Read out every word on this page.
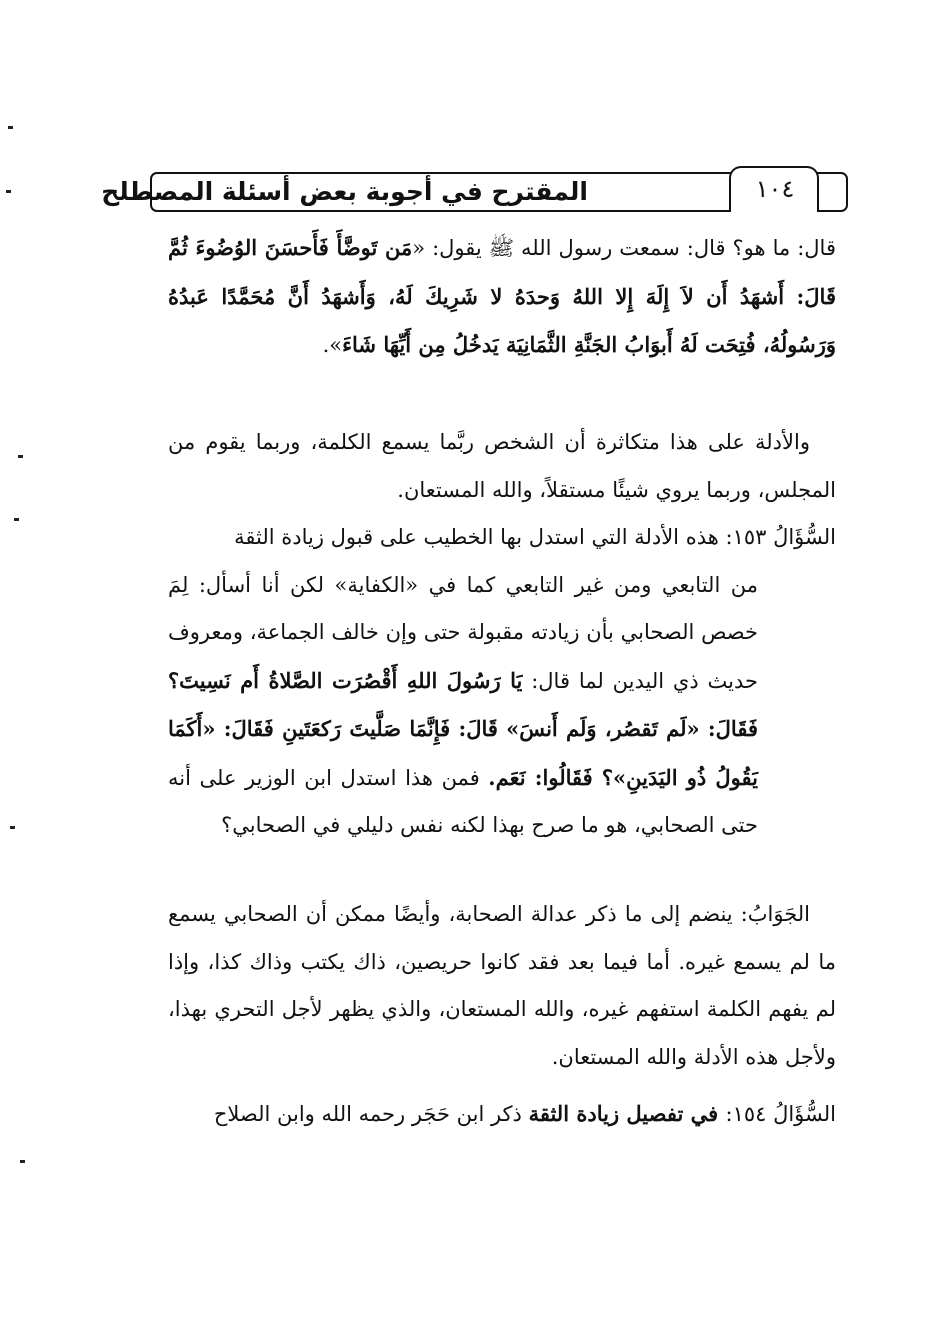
المقترح في أجوبة بعض أسئلة المصطلح	١٠٤

قال: ما هو؟ قال: سمعت رسول الله ﷺ يقول: «مَن تَوضَّأَ فَأَحسَنَ الوُضُوءَ ثُمَّ قَالَ: أَشهَدُ أَن لاَ إِلَهَ إِلا اللهُ وَحدَهُ لا شَرِيكَ لَهُ، وَأَشهَدُ أَنَّ مُحَمَّدًا عَبدُهُ وَرَسُولُهُ، فُتِحَت لَهُ أَبوَابُ الجَنَّةِ الثَّمَانِيَة يَدخُلُ مِن أَيِّهَا شَاءَ».

والأدلة على هذا متكاثرة أن الشخص ربَّما يسمع الكلمة، وربما يقوم من المجلس، وربما يروي شيئًا مستقلاً، والله المستعان.

السُّؤَالُ ١٥٣: هذه الأدلة التي استدل بها الخطيب على قبول زيادة الثقة

من التابعي ومن غير التابعي كما في «الكفاية» لكن أنا أسأل: لِمَ خصص الصحابي بأن زيادته مقبولة حتى وإن خالف الجماعة، ومعروف حديث ذي اليدين لما قال: يَا رَسُولَ اللهِ أَقْصُرَت الصَّلاةُ أَم نَسِيتَ؟ فَقَالَ: «لَم تَقصُر، وَلَم أَنسَ» قَالَ: فَإِنَّمَا صَلَّيتَ رَكعَتَينِ فَقَالَ: «أَكَمَا يَقُولُ ذُو اليَدَينِ»؟ فَقَالُوا: نَعَم. فمن هذا استدل ابن الوزير على أنه حتى الصحابي، هو ما صرح بهذا لكنه نفس دليلي في الصحابي؟

الجَوَابُ: ينضم إلى ما ذكر عدالة الصحابة، وأيضًا ممكن أن الصحابي يسمع ما لم يسمع غيره. أما فيما بعد فقد كانوا حريصين، ذاك يكتب وذاك كذا، وإذا لم يفهم الكلمة استفهم غيره، والله المستعان، والذي يظهر لأجل التحري بهذا، ولأجل هذه الأدلة والله المستعان.

السُّؤَالُ ١٥٤: في تفصيل زيادة الثقة ذكر ابن حَجَر رحمه الله وابن الصلاح
